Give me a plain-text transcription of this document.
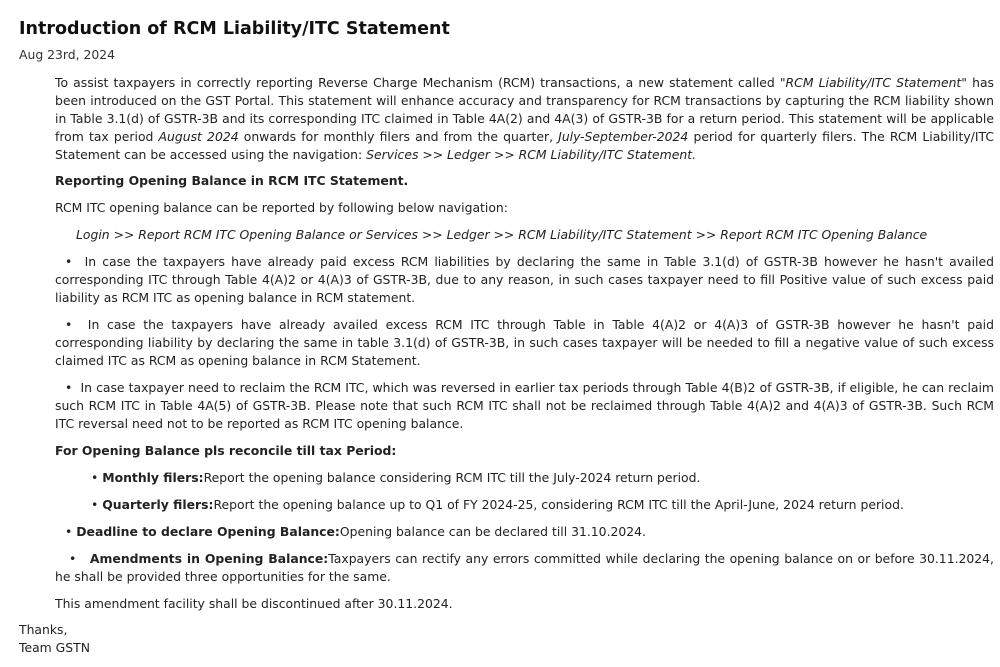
Introduction of RCM Liability/ITC Statement
Aug 23rd, 2024

To assist taxpayers in correctly reporting Reverse Charge Mechanism (RCM) transactions, a new statement called "RCM Liability/ITC Statement" has been introduced on the GST Portal. This statement will enhance accuracy and transparency for RCM transactions by capturing the RCM liability shown in Table 3.1(d) of GSTR-3B and its corresponding ITC claimed in Table 4A(2) and 4A(3) of GSTR-3B for a return period. This statement will be applicable from tax period August 2024 onwards for monthly filers and from the quarter, July-September-2024 period for quarterly filers. The RCM Liability/ITC Statement can be accessed using the navigation: Services >> Ledger >> RCM Liability/ITC Statement.

Reporting Opening Balance in RCM ITC Statement.

RCM ITC opening balance can be reported by following below navigation:

Login >> Report RCM ITC Opening Balance or Services >> Ledger >> RCM Liability/ITC Statement >> Report RCM ITC Opening Balance

• In case the taxpayers have already paid excess RCM liabilities by declaring the same in Table 3.1(d) of GSTR-3B however he hasn't availed corresponding ITC through Table 4(A)2 or 4(A)3 of GSTR-3B, due to any reason, in such cases taxpayer need to fill Positive value of such excess paid liability as RCM ITC as opening balance in RCM statement.

• In case the taxpayers have already availed excess RCM ITC through Table in Table 4(A)2 or 4(A)3 of GSTR-3B however he hasn't paid corresponding liability by declaring the same in table 3.1(d) of GSTR-3B, in such cases taxpayer will be needed to fill a negative value of such excess claimed ITC as RCM as opening balance in RCM Statement.

• In case taxpayer need to reclaim the RCM ITC, which was reversed in earlier tax periods through Table 4(B)2 of GSTR-3B, if eligible, he can reclaim such RCM ITC in Table 4A(5) of GSTR-3B. Please note that such RCM ITC shall not be reclaimed through Table 4(A)2 and 4(A)3 of GSTR-3B. Such RCM ITC reversal need not to be reported as RCM ITC opening balance.

For Opening Balance pls reconcile till tax Period:

• Monthly filers:Report the opening balance considering RCM ITC till the July-2024 return period.

• Quarterly filers:Report the opening balance up to Q1 of FY 2024-25, considering RCM ITC till the April-June, 2024 return period.

• Deadline to declare Opening Balance:Opening balance can be declared till 31.10.2024.

• Amendments in Opening Balance:Taxpayers can rectify any errors committed while declaring the opening balance on or before 30.11.2024, he shall be provided three opportunities for the same.

This amendment facility shall be discontinued after 30.11.2024.

Thanks,

Team GSTN
